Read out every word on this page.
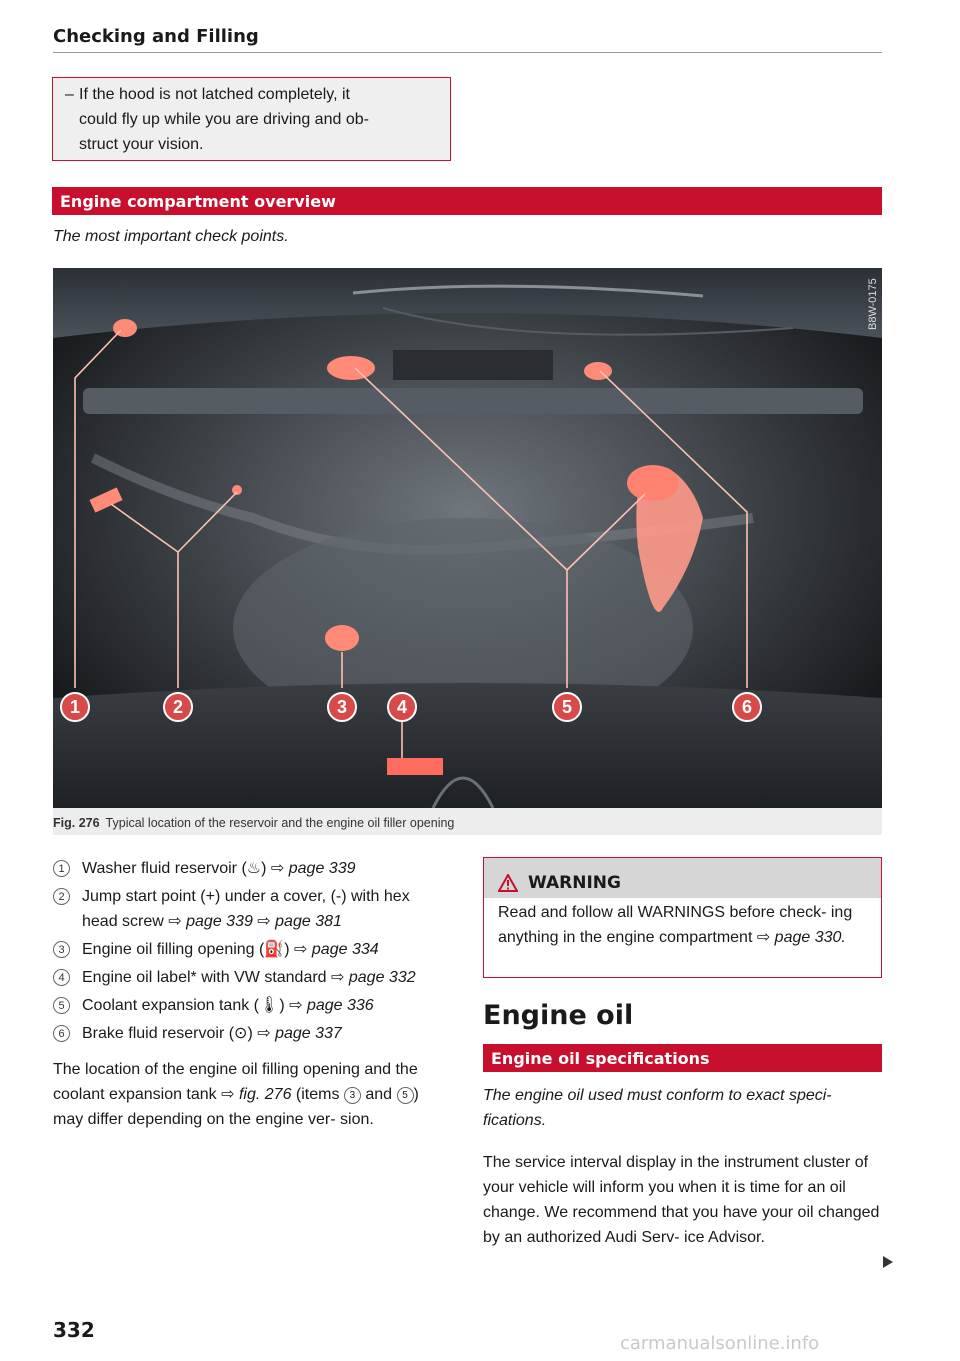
Checking and Filling
– If the hood is not latched completely, it
could fly up while you are driving and ob-
struct your vision.
Engine compartment overview
The most important check points.
1	2	3	4	5	6
B8W-0175
Fig. 276 Typical location of the reservoir and the engine oil filler opening
1	Washer fluid reservoir (♨) ⇨ page 339
2	Jump start point (+) under a cover, (-) with hex head screw ⇨ page 339 ⇨ page 381
3	Engine oil filling opening (⛽) ⇨ page 334
4	Engine oil label* with VW standard ⇨ page 332
5	Coolant expansion tank (🌡) ⇨ page 336
6	Brake fluid reservoir (⊙) ⇨ page 337
The location of the engine oil filling opening and the coolant expansion tank ⇨ fig. 276 (items 3 and 5 ) may differ depending on the engine ver- sion.
332
WARNING
Read and follow all WARNINGS before check- ing anything in the engine compartment ⇨ page 330.
Engine oil
Engine oil specifications
The engine oil used must conform to exact speci- fications.
The service interval display in the instrument cluster of your vehicle will inform you when it is time for an oil change. We recommend that you have your oil changed by an authorized Audi Serv- ice Advisor.
carmanualsonline.info
